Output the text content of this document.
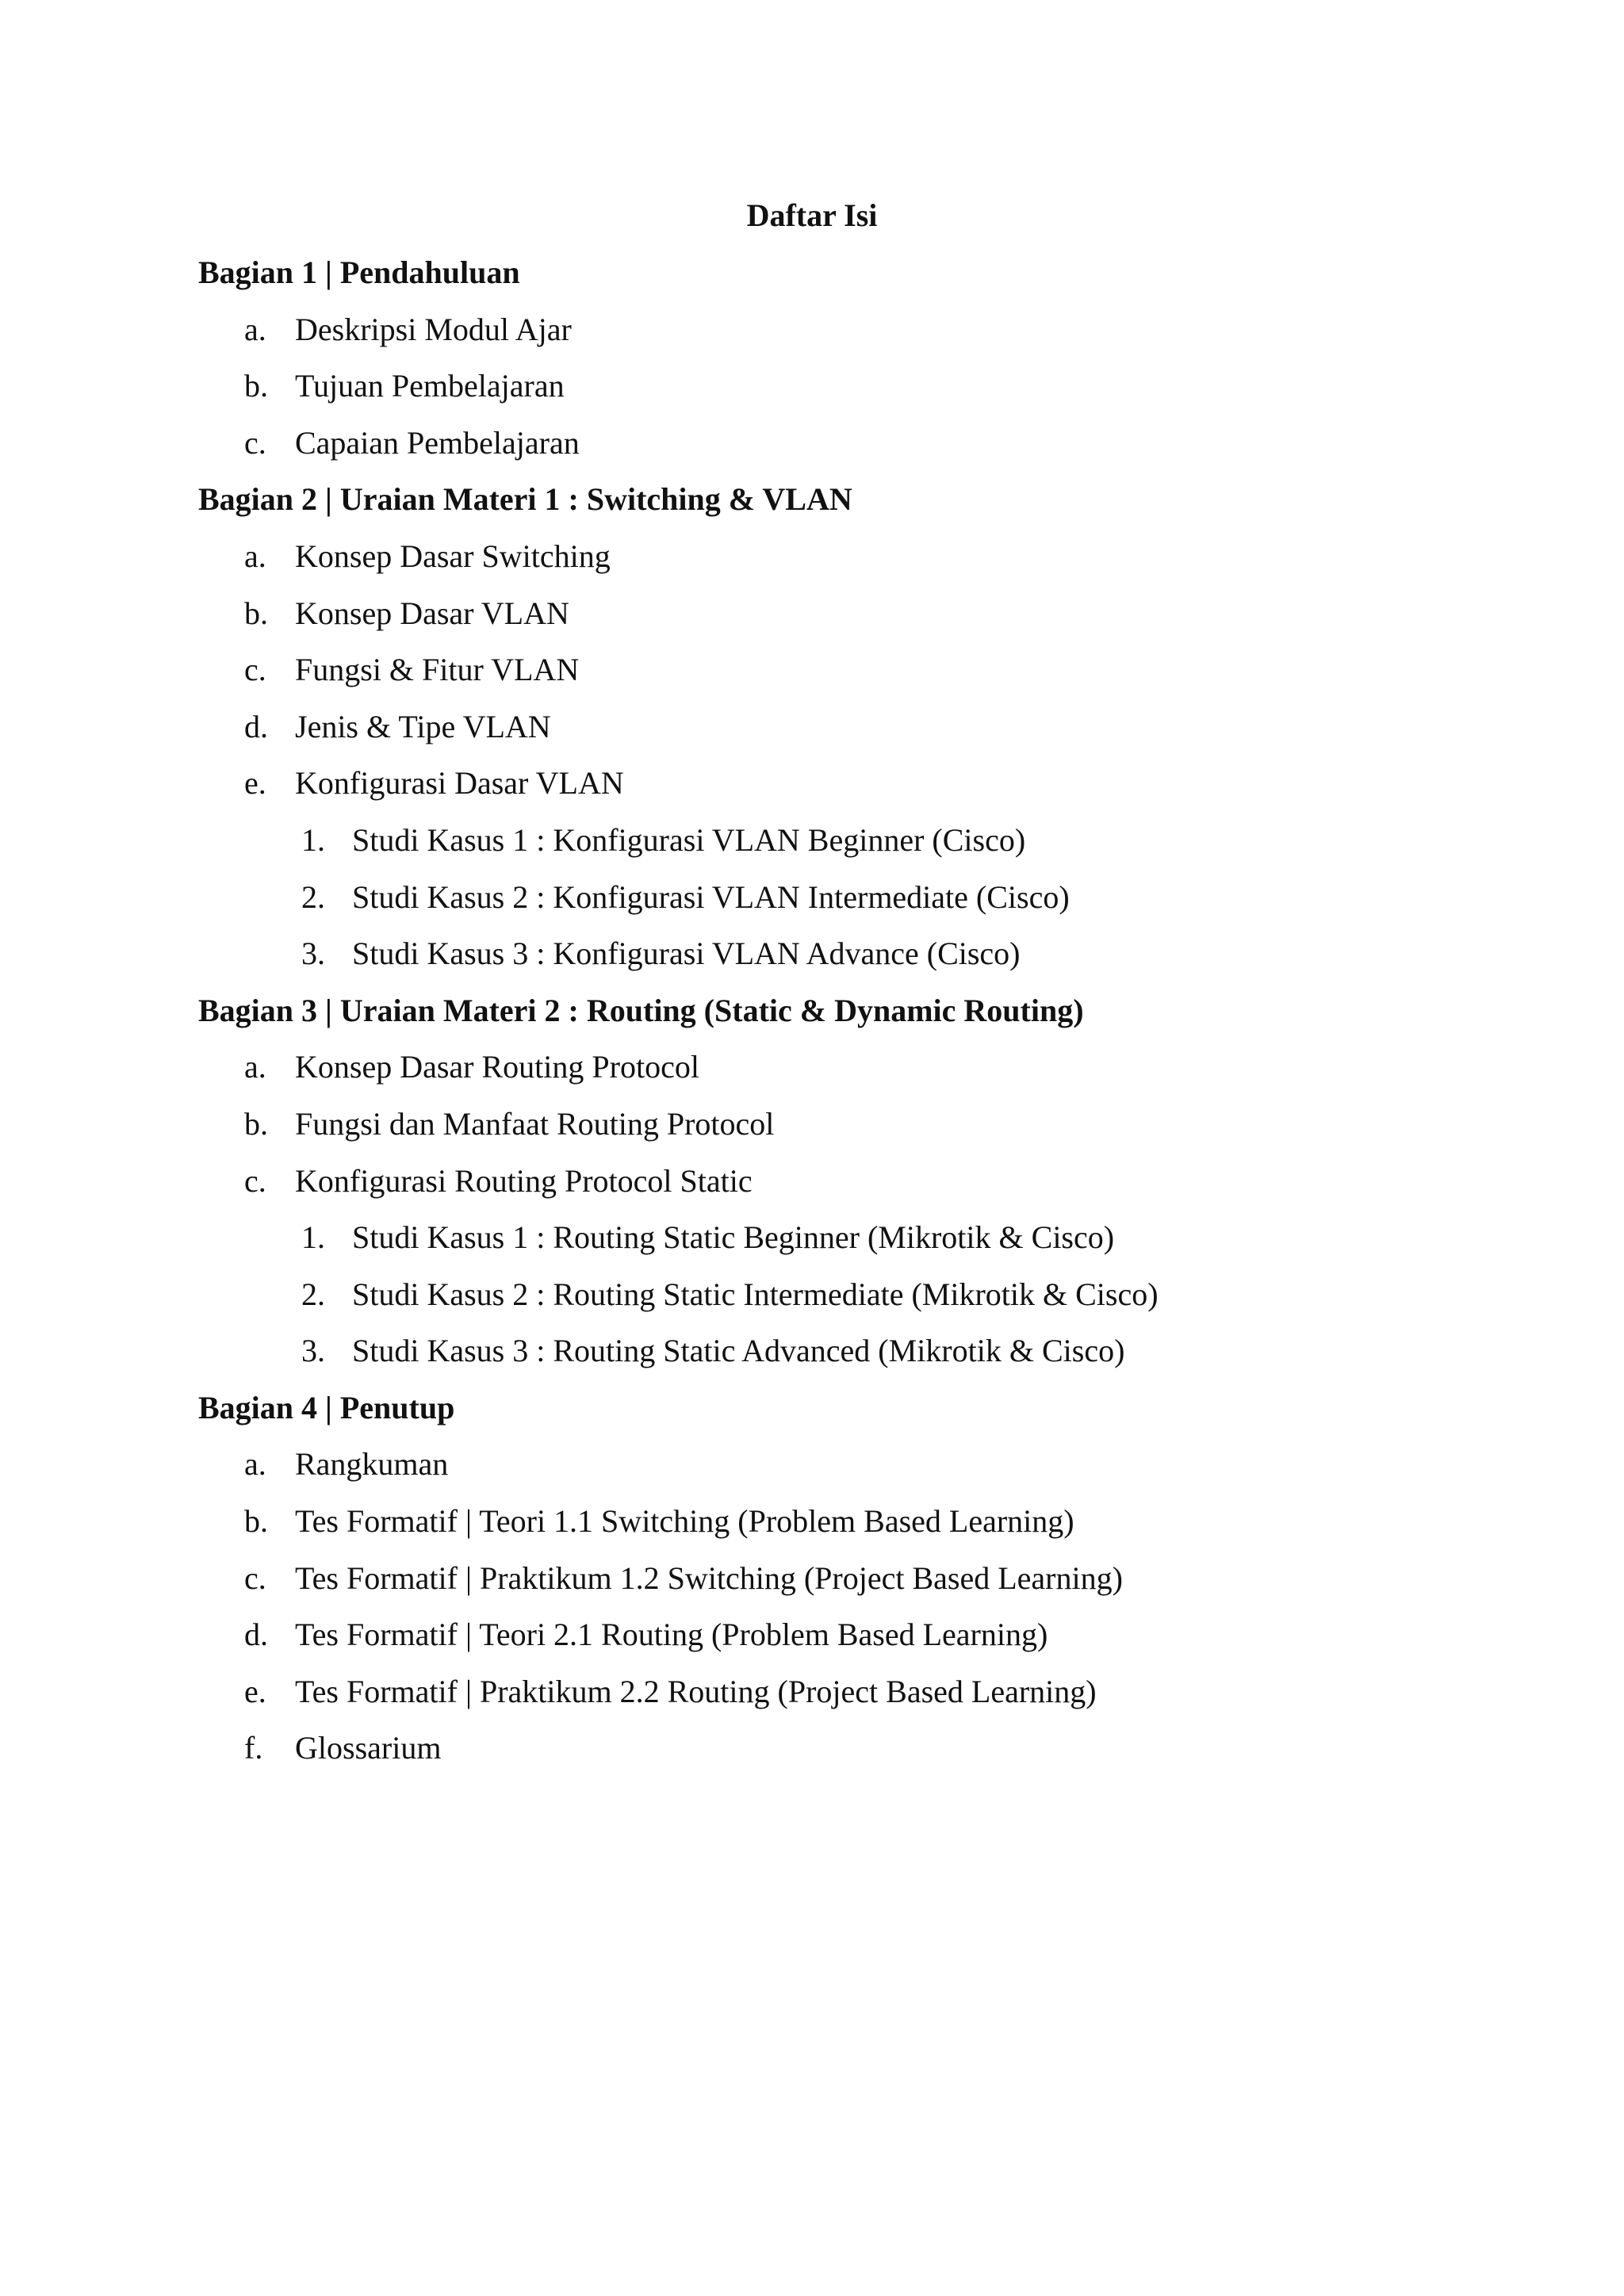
Daftar Isi
Bagian 1 | Pendahuluan
a. Deskripsi Modul Ajar
b. Tujuan Pembelajaran
c. Capaian Pembelajaran
Bagian 2 | Uraian Materi 1 : Switching & VLAN
a. Konsep Dasar Switching
b. Konsep Dasar VLAN
c. Fungsi & Fitur VLAN
d. Jenis & Tipe VLAN
e. Konfigurasi Dasar VLAN
1. Studi Kasus 1 : Konfigurasi VLAN Beginner (Cisco)
2. Studi Kasus 2 : Konfigurasi VLAN Intermediate (Cisco)
3. Studi Kasus 3 : Konfigurasi VLAN Advance (Cisco)
Bagian 3 | Uraian Materi 2 : Routing (Static & Dynamic Routing)
a. Konsep Dasar Routing Protocol
b. Fungsi dan Manfaat Routing Protocol
c. Konfigurasi Routing Protocol Static
1. Studi Kasus 1 : Routing Static Beginner (Mikrotik & Cisco)
2. Studi Kasus 2 : Routing Static Intermediate (Mikrotik & Cisco)
3. Studi Kasus 3 : Routing Static Advanced (Mikrotik & Cisco)
Bagian 4 | Penutup
a. Rangkuman
b. Tes Formatif | Teori 1.1 Switching (Problem Based Learning)
c. Tes Formatif | Praktikum 1.2 Switching (Project Based Learning)
d. Tes Formatif | Teori 2.1 Routing (Problem Based Learning)
e. Tes Formatif | Praktikum 2.2 Routing (Project Based Learning)
f.	Glossarium
